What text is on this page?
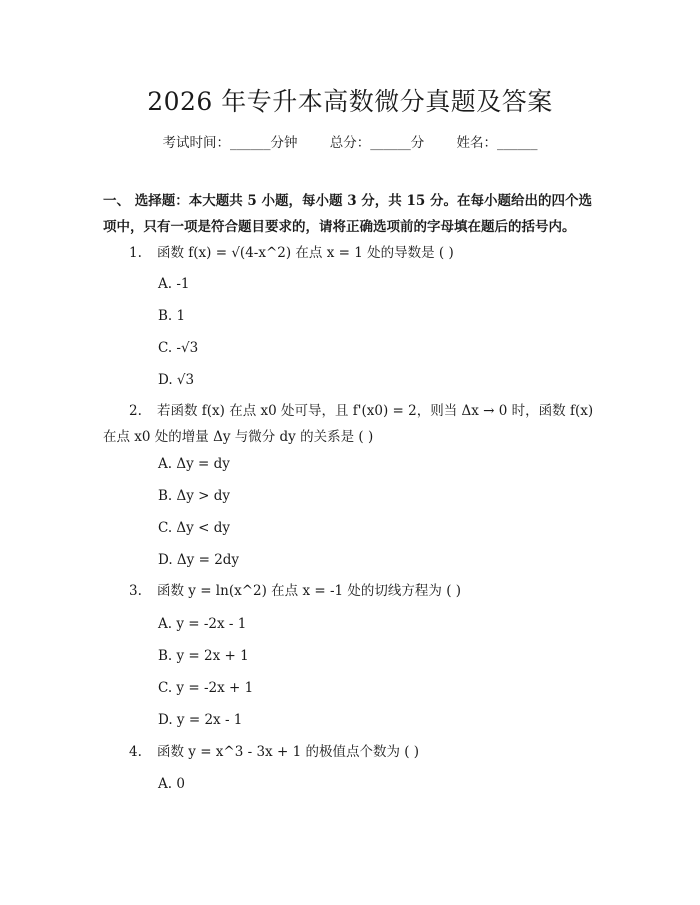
2026 年专升本高数微分真题及答案
考试时间：______分钟 总分：______分 姓名：______
一、 选择题：本大题共 5 小题，每小题 3 分，共 15 分。在每小题给出的四个选项中，只有一项是符合题目要求的，请将正确选项前的字母填在题后的括号内。
1. 函数 f(x) = √(4-x^2) 在点 x = 1 处的导数是 ( )
A. -1
B. 1
C. -√3
D. √3
2. 若函数 f(x) 在点 x0 处可导，且 f'(x0) = 2，则当 Δx → 0 时，函数 f(x) 在点 x0 处的增量 Δy 与微分 dy 的关系是 ( )
A. Δy = dy
B. Δy > dy
C. Δy < dy
D. Δy = 2dy
3. 函数 y = ln(x^2) 在点 x = -1 处的切线方程为 ( )
A. y = -2x - 1
B. y = 2x + 1
C. y = -2x + 1
D. y = 2x - 1
4. 函数 y = x^3 - 3x + 1 的极值点个数为 ( )
A. 0
